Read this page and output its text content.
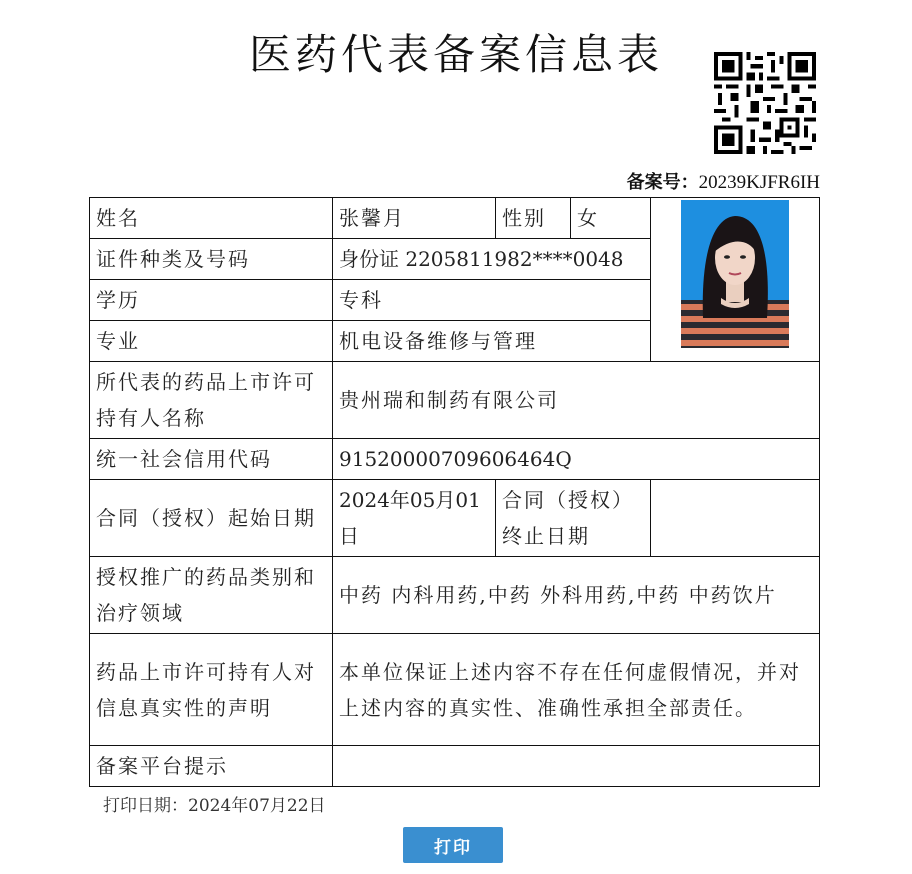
医药代表备案信息表
备案号：20239KJFR6IH
姓名	张馨月	性别	女	

证件种类及号码	身份证 2205811982****0048			
学历	专科			
专业	机电设备维修与管理			
所代表的药品上市许可持有人名称	贵州瑞和制药有限公司			
统一社会信用代码	91520000709606464Q			
合同（授权）起始日期	2024年05月01日	合同（授权）终止日期		
授权推广的药品类别和治疗领域	中药 内科用药,中药 外科用药,中药 中药饮片			
药品上市许可持有人对信息真实性的声明	本单位保证上述内容不存在任何虚假情况，并对上述内容的真实性、准确性承担全部责任。			
备案平台提示				
打印日期：2024年07月22日
打印
